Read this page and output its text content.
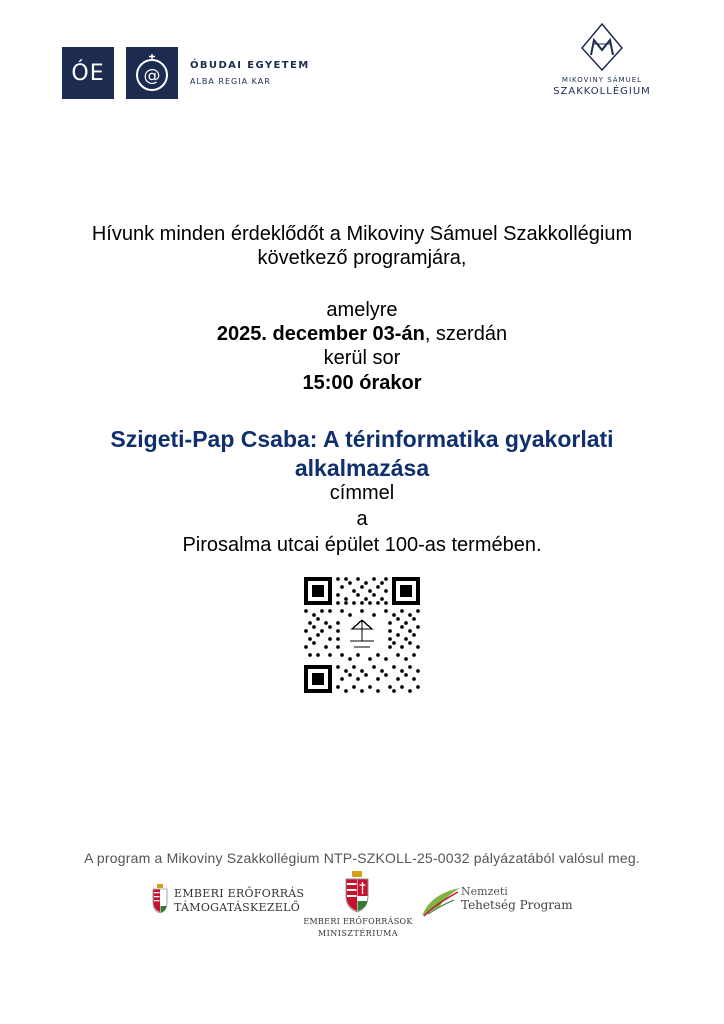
ÓE @
ÓBUDAI EGYETEM
ALBA REGIA KAR	MIKOVINY SÁMUEL
SZAKKOLLÉGIUM
Hívunk minden érdeklődőt a Mikoviny Sámuel Szakkollégium
következő programjára,
amelyre
2025. december 03-án, szerdán
kerül sor
15:00 órakor
Szigeti-Pap Csaba: A térinformatika gyakorlati
alkalmazása
címmel
a
Pirosalma utcai épület 100-as termében.
A program a Mikoviny Szakkollégium NTP-SZKOLL-25-0032 pályázatából valósul meg.
EMBERI ERŐFORRÁS
TÁMOGATÁSKEZELŐ
EMBERI ERŐFORRÁSOK
MINISZTÉRIUMA
Nemzeti
Tehetség Program
